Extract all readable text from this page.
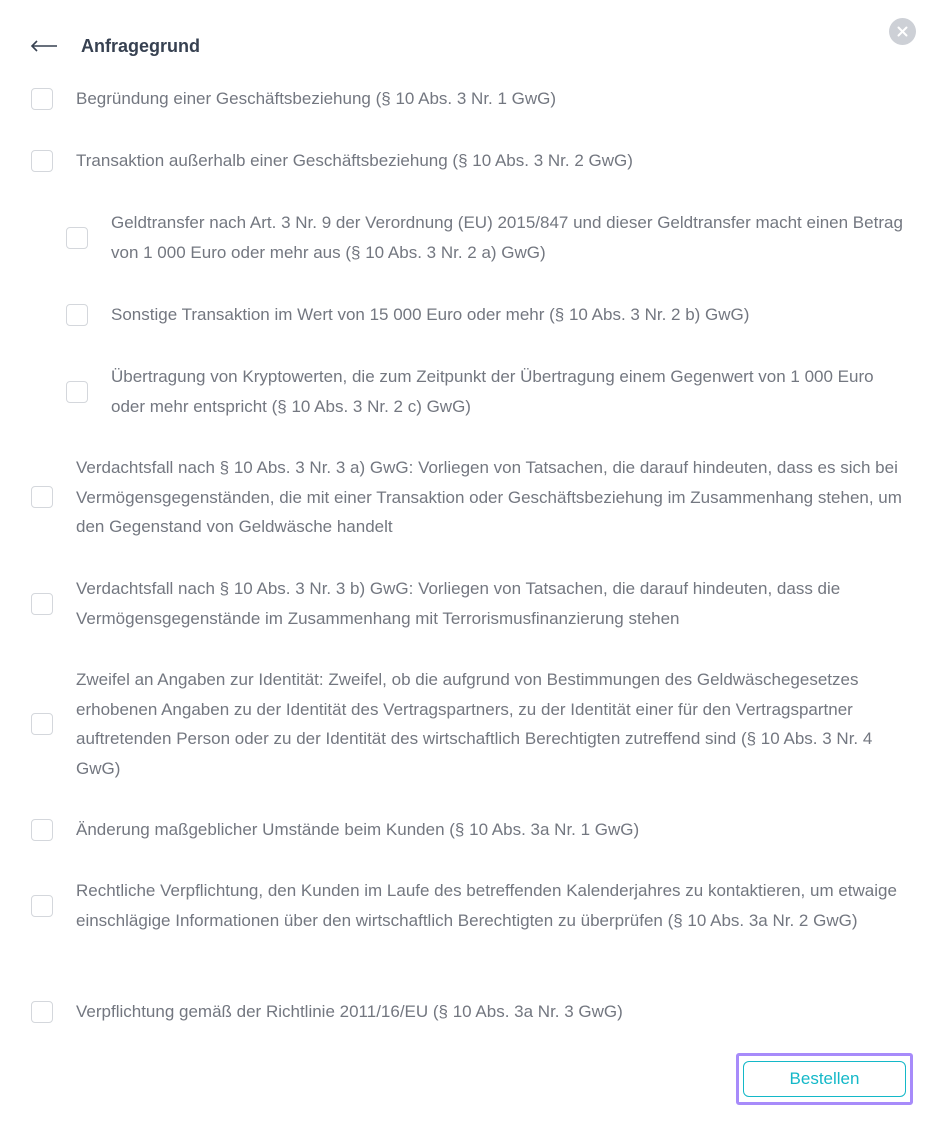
Anfragegrund
Begründung einer Geschäftsbeziehung (§ 10 Abs. 3 Nr. 1 GwG)
Transaktion außerhalb einer Geschäftsbeziehung (§ 10 Abs. 3 Nr. 2 GwG)
Geldtransfer nach Art. 3 Nr. 9 der Verordnung (EU) 2015/847 und dieser Geldtransfer macht einen Betrag von 1 000 Euro oder mehr aus (§ 10 Abs. 3 Nr. 2 a) GwG)
Sonstige Transaktion im Wert von 15 000 Euro oder mehr (§ 10 Abs. 3 Nr. 2 b) GwG)
Übertragung von Kryptowerten, die zum Zeitpunkt der Übertragung einem Gegenwert von 1 000 Euro oder mehr entspricht (§ 10 Abs. 3 Nr. 2 c) GwG)
Verdachtsfall nach § 10 Abs. 3 Nr. 3 a) GwG: Vorliegen von Tatsachen, die darauf hindeuten, dass es sich bei Vermögensgegenständen, die mit einer Transaktion oder Geschäftsbeziehung im Zusammenhang stehen, um den Gegenstand von Geldwäsche handelt
Verdachtsfall nach § 10 Abs. 3 Nr. 3 b) GwG: Vorliegen von Tatsachen, die darauf hindeuten, dass die Vermögensgegenstände im Zusammenhang mit Terrorismusfinanzierung stehen
Zweifel an Angaben zur Identität: Zweifel, ob die aufgrund von Bestimmungen des Geldwäschegesetzes erhobenen Angaben zu der Identität des Vertragspartners, zu der Identität einer für den Vertragspartner auftretenden Person oder zu der Identität des wirtschaftlich Berechtigten zutreffend sind (§ 10 Abs. 3 Nr. 4 GwG)
Änderung maßgeblicher Umstände beim Kunden (§ 10 Abs. 3a Nr. 1 GwG)
Rechtliche Verpflichtung, den Kunden im Laufe des betreffenden Kalenderjahres zu kontaktieren, um etwaige einschlägige Informationen über den wirtschaftlich Berechtigten zu überprüfen (§ 10 Abs. 3a Nr. 2 GwG)
Verpflichtung gemäß der Richtlinie 2011/16/EU (§ 10 Abs. 3a Nr. 3 GwG)
Bestellen
